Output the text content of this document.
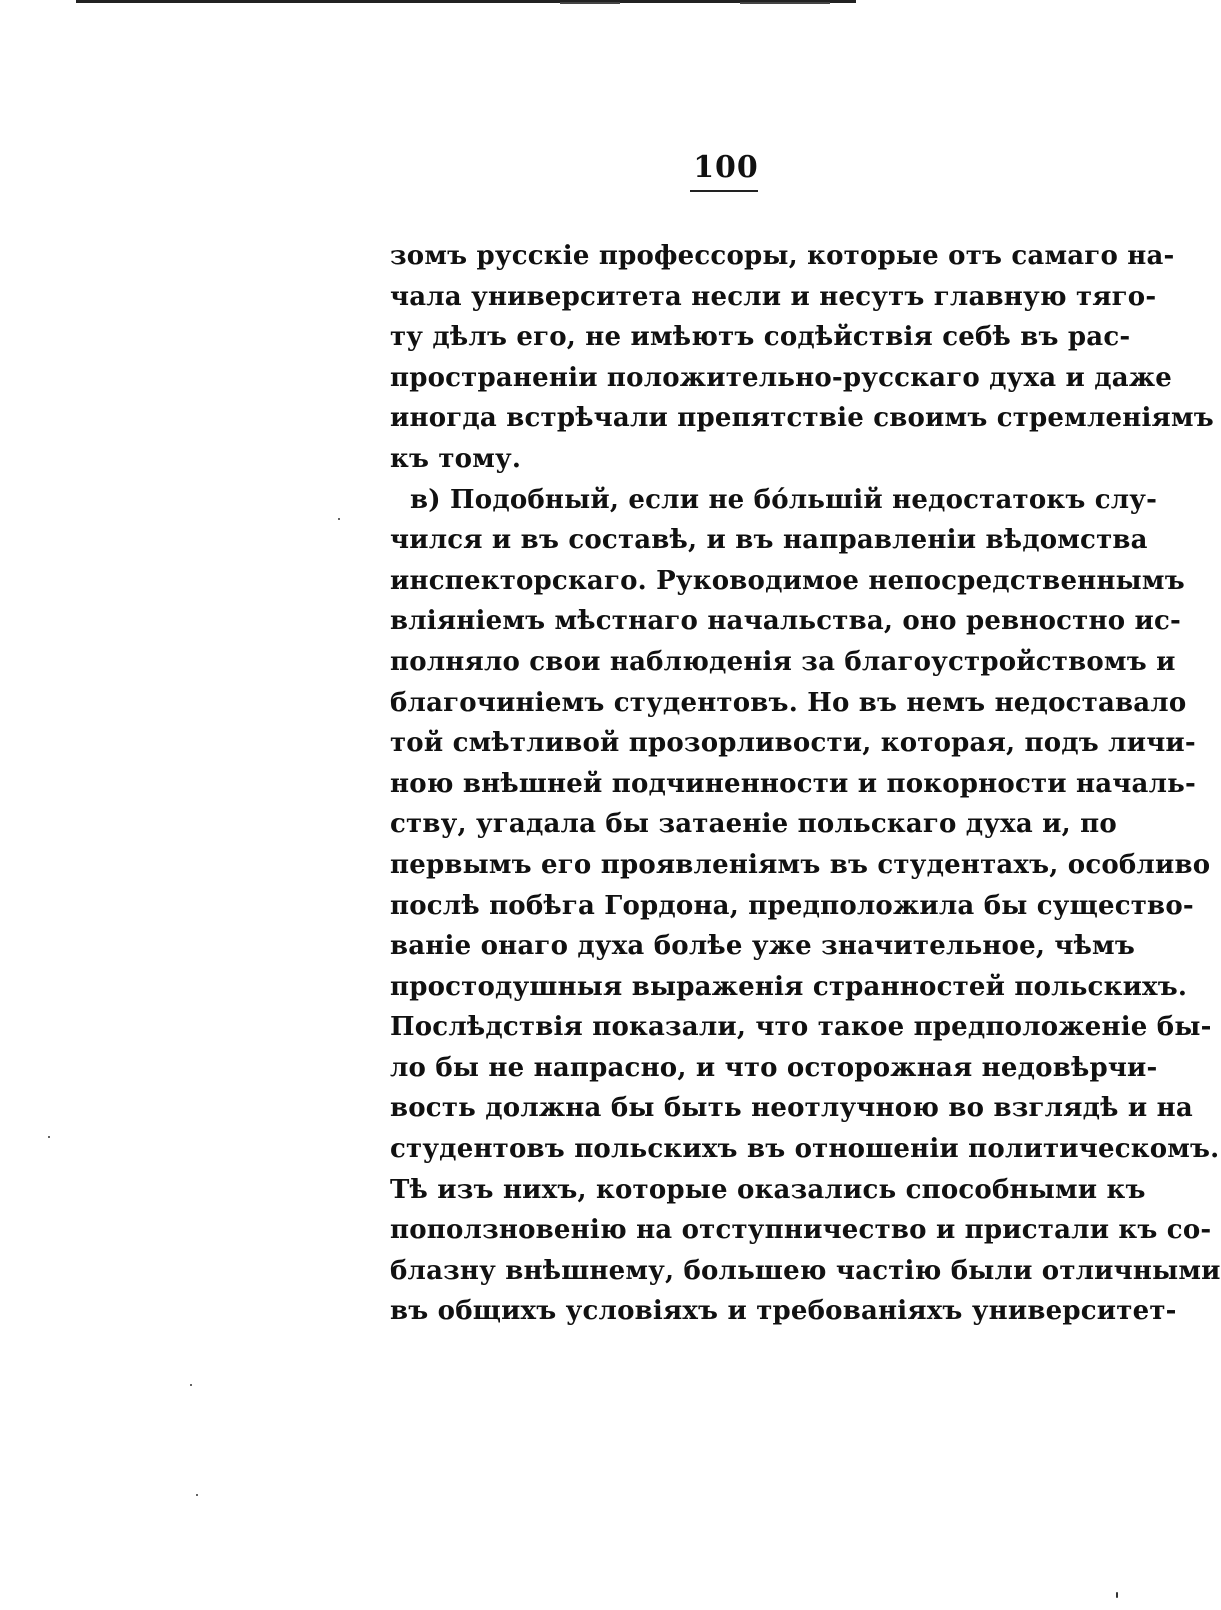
100
зомъ русскіе профессоры, которые отъ самаго на-
чала университета несли и несутъ главную тяго-
ту дѣлъ его, не имѣютъ содѣйствія себѣ въ рас-
пространеніи положительно-русскаго духа и даже
иногда встрѣчали препятствіе своимъ стремленіямъ
къ тому.
в) Подобный, если не бóльшій недостатокъ слу-
чился и въ составѣ, и въ направленіи вѣдомства
инспекторскаго. Руководимое непосредственнымъ
вліяніемъ мѣстнаго начальства, оно ревностно ис-
полняло свои наблюденія за благоустройствомъ и
благочиніемъ студентовъ. Но въ немъ недоставало
той смѣтливой прозорливости, которая, подъ личи-
ною внѣшней подчиненности и покорности началь-
ству, угадала бы затаеніе польскаго духа и, по
первымъ его проявленіямъ въ студентахъ, особливо
послѣ побѣга Гордона, предположила бы существо-
ваніе онаго духа болѣе уже значительное, чѣмъ
простодушныя выраженія странностей польскихъ.
Послѣдствія показали, что такое предположеніе бы-
ло бы не напрасно, и что осторожная недовѣрчи-
вость должна бы быть неотлучною во взглядѣ и на
студентовъ польскихъ въ отношеніи политическомъ.
Тѣ изъ нихъ, которые оказались способными къ
поползновенію на отступничество и пристали къ со-
блазну внѣшнему, большею частію были отличными
въ общихъ условіяхъ и требованіяхъ университет-
